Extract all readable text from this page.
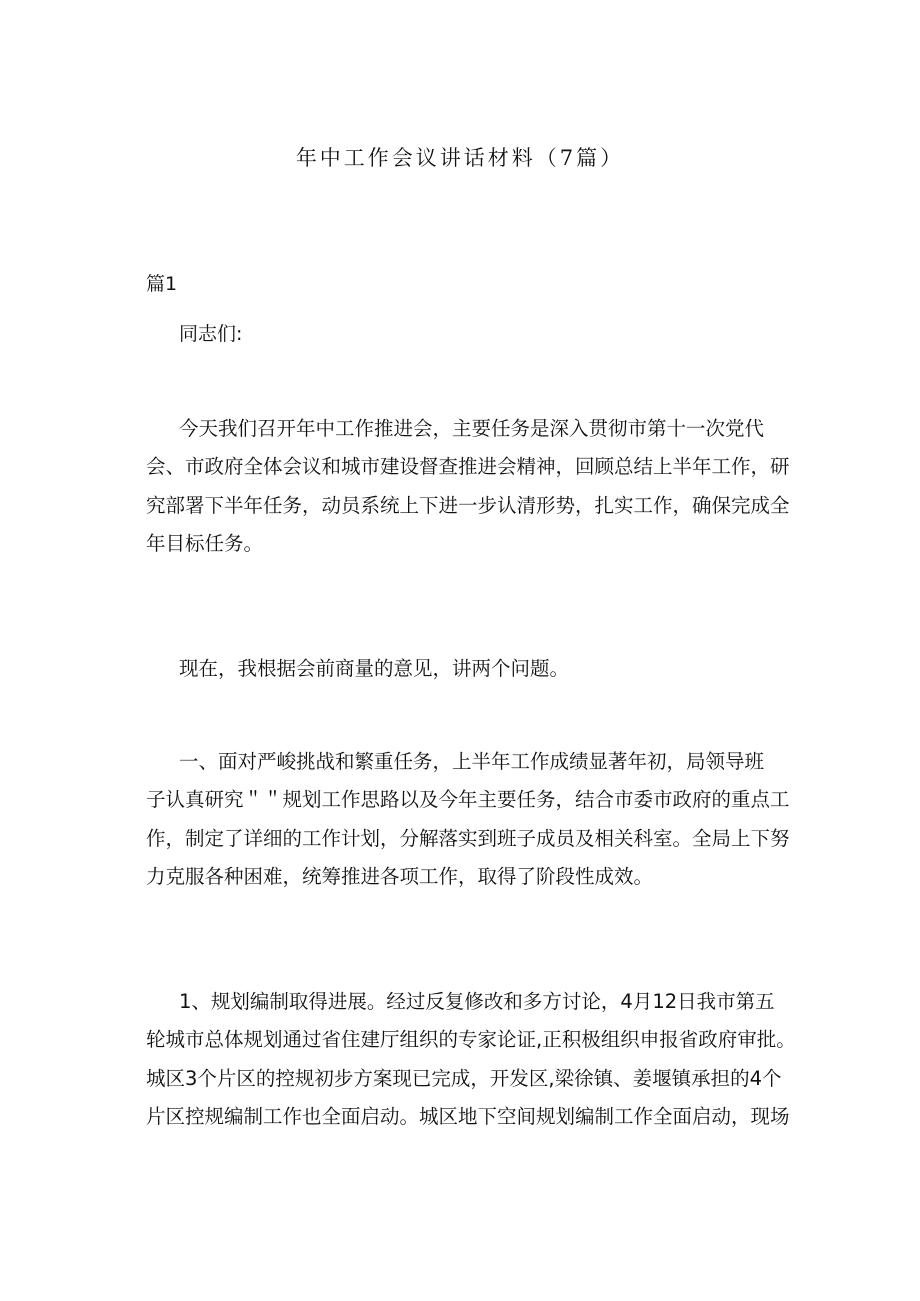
年中工作会议讲话材料（7篇）
篇1
同志们:
今天我们召开年中工作推进会，主要任务是深入贯彻市第十一次党代
会、市政府全体会议和城市建设督查推进会精神，回顾总结上半年工作，研
究部署下半年任务，动员系统上下进一步认清形势，扎实工作，确保完成全
年目标任务。
现在，我根据会前商量的意见，讲两个问题。
一、面对严峻挑战和繁重任务，上半年工作成绩显著年初，局领导班
子认真研究＂＂规划工作思路以及今年主要任务，结合市委市政府的重点工
作，制定了详细的工作计划，分解落实到班子成员及相关科室。全局上下努
力克服各种困难，统筹推进各项工作，取得了阶段性成效。
1、规划编制取得进展。经过反复修改和多方讨论，4月12日我市第五
轮城市总体规划通过省住建厅组织的专家论证,正积极组织申报省政府审批。
城区3个片区的控规初步方案现已完成，开发区,梁徐镇、姜堰镇承担的4个
片区控规编制工作也全面启动。城区地下空间规划编制工作全面启动，现场
